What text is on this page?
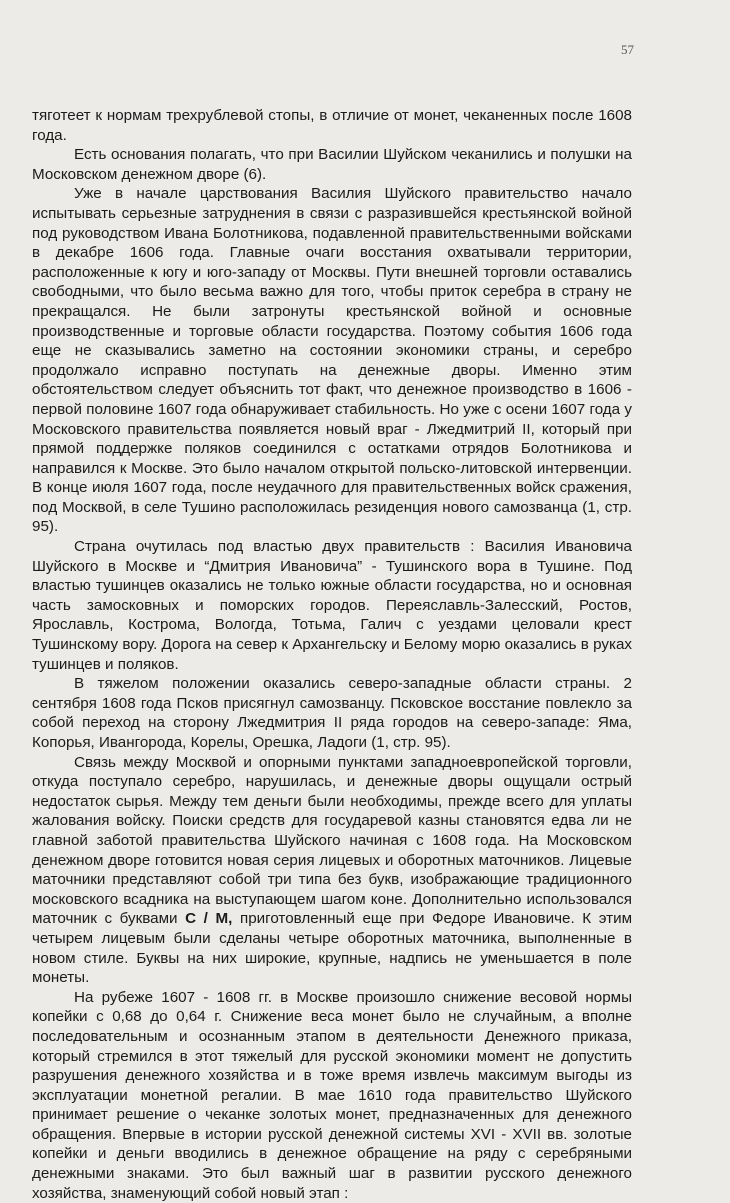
57

тяготеет к нормам трехрублевой стопы, в отличие от монет, чеканенных после 1608 года.

Есть основания полагать, что при Василии Шуйском чеканились и полушки на Московском денежном дворе (6).

Уже в начале царствования Василия Шуйского правительство начало испытывать серьезные затруднения в связи с разразившейся крестьянской войной под руководством Ивана Болотникова, подавленной правительственными войсками в декабре 1606 года. Главные очаги восстания охватывали территории, расположенные к югу и юго-западу от Москвы. Пути внешней торговли оставались свободными, что было весьма важно для того, чтобы приток серебра в страну не прекращался. Не были затронуты крестьянской войной и основные производственные и торговые области государства. Поэтому события 1606 года еще не сказывались заметно на состоянии экономики страны, и серебро продолжало исправно поступать на денежные дворы. Именно этим обстоятельством следует объяснить тот факт, что денежное производство в 1606 - первой половине 1607 года обнаруживает стабильность. Но уже с осени 1607 года у Московского правительства появляется новый враг - Лжедмитрий II, который при прямой поддержке поляков соединился с остатками отрядов Болотникова и направился к Москве. Это было началом открытой польско-литовской интервенции. В конце июля 1607 года, после неудачного для правительственных войск сражения, под Москвой, в селе Тушино расположилась резиденция нового самозванца (1, стр. 95).

Страна очутилась под властью двух правительств : Василия Ивановича Шуйского в Москве и “Дмитрия Ивановича” - Тушинского вора в Тушине. Под властью тушинцев оказались не только южные области государства, но и основная часть замосковных и поморских городов. Переяславль-Залесский, Ростов, Ярославль, Кострома, Вологда, Тотьма, Галич с уездами целовали крест Тушинскому вору. Дорога на север к Архангельску и Белому морю оказались в руках тушинцев и поляков.

В тяжелом положении оказались северо-западные области страны. 2 сентября 1608 года Псков присягнул самозванцу. Псковское восстание повлекло за собой переход на сторону Лжедмитрия II ряда городов на северо-западе: Яма, Копорья, Ивангорода, Корелы, Орешка, Ладоги (1, стр. 95).

Связь между Москвой и опорными пунктами западноевропейской торговли, откуда поступало серебро, нарушилась, и денежные дворы ощущали острый недостаток сырья. Между тем деньги были необходимы, прежде всего для уплаты жалования войску. Поиски средств для государевой казны становятся едва ли не главной заботой правительства Шуйского начиная с 1608 года. На Московском денежном дворе готовится новая серия лицевых и оборотных маточников. Лицевые маточники представляют собой три типа без букв, изображающие традиционного московского всадника на выступающем шагом коне. Дополнительно использовался маточник с буквами С / М, приготовленный еще при Федоре Ивановиче. К этим четырем лицевым были сделаны четыре оборотных маточника, выполненные в новом стиле. Буквы на них широкие, крупные, надпись не уменьшается в поле монеты.

На рубеже 1607 - 1608 гг. в Москве произошло снижение весовой нормы копейки с 0,68 до 0,64 г. Снижение веса монет было не случайным, а вполне последовательным и осознанным этапом в деятельности Денежного приказа, который стремился в этот тяжелый для русской экономики момент не допустить разрушения денежного хозяйства и в тоже время извлечь максимум выгоды из эксплуатации монетной регалии. В мае 1610 года правительство Шуйского принимает решение о чеканке золотых монет, предназначенных для денежного обращения. Впервые в истории русской денежной системы XVI - XVII вв. золотые копейки и деньги вводились в денежное обращение на ряду с серебряными денежными знаками. Это был важный шаг в развитии русского денежного хозяйства, знаменующий собой новый этап :
